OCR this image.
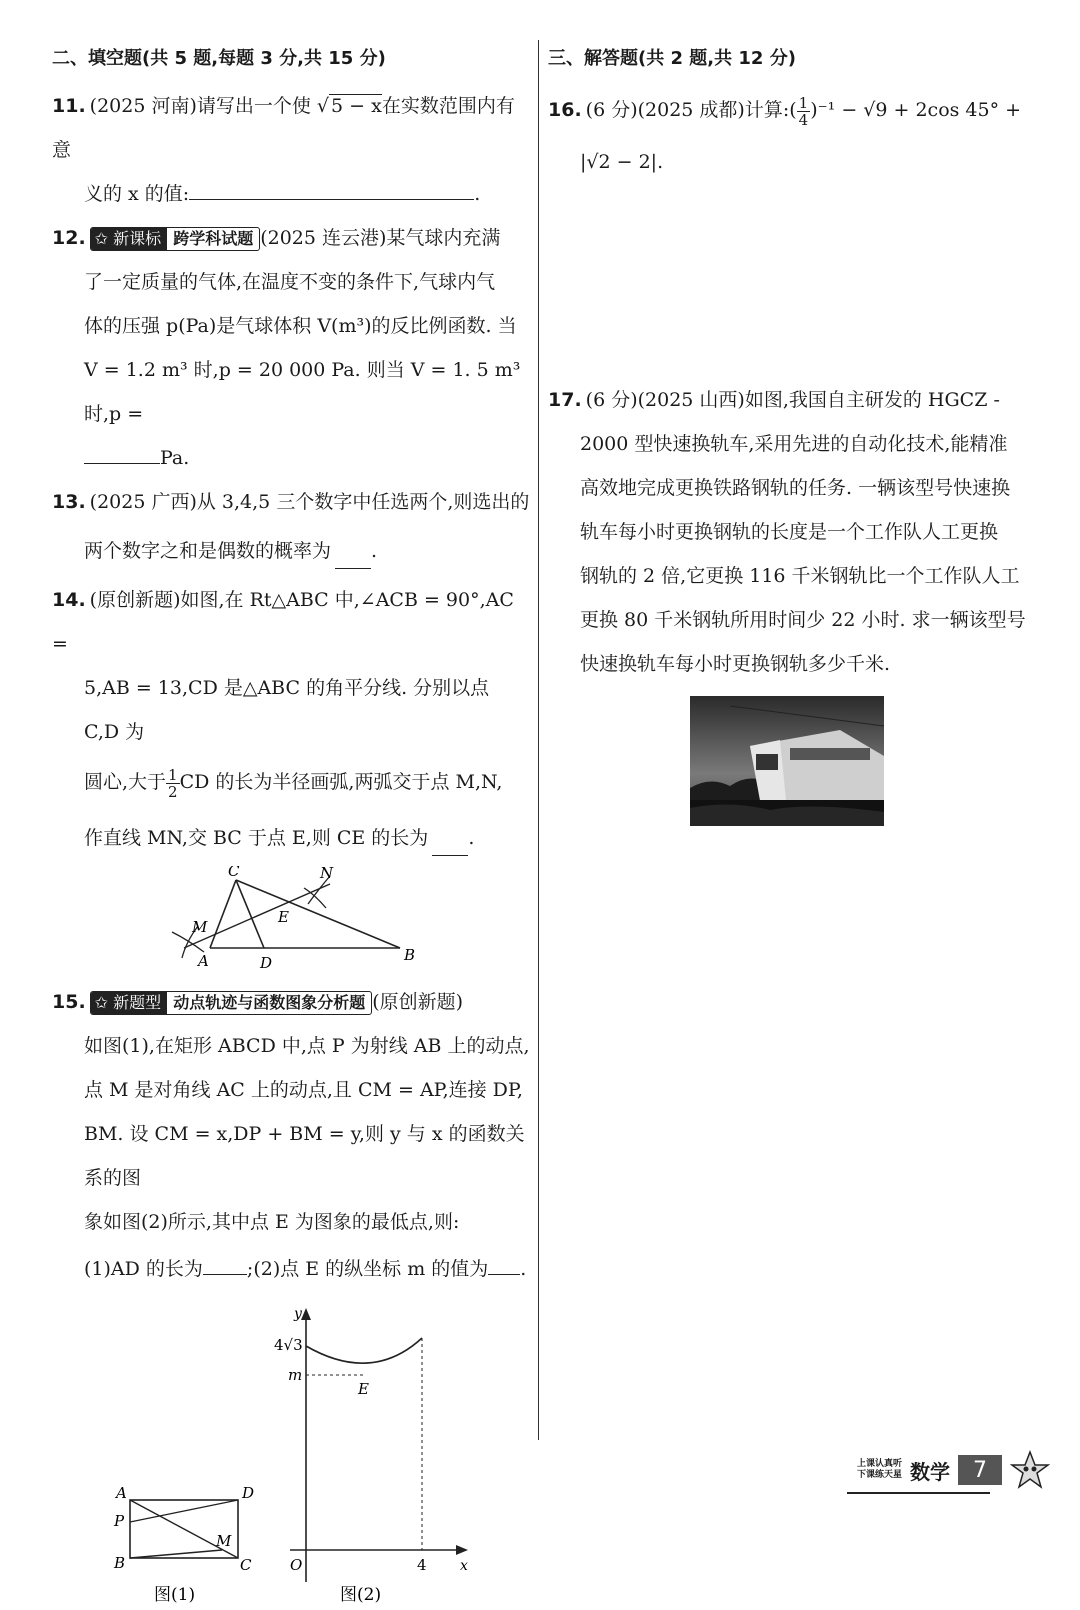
二、填空题(共 5 题,每题 3 分,共 15 分)
11. (2025 河南)请写出一个使 √ 5 − x在实数范围内有意
义的 x 的值:	.
12. ✩ 新课标 跨学科试题 (2025 连云港)某气球内充满
了一定质量的气体,在温度不变的条件下,气球内气
体的压强 p(Pa)是气球体积 V(m³)的反比例函数. 当
V = 1.2 m³ 时,p = 20 000 Pa. 则当 V = 1. 5 m³ 时,p =
Pa.
13. (2025 广西)从 3,4,5 三个数字中任选两个,则选出的
两个数字之和是偶数的概率为 .
14. (原创新题)如图,在 Rt△ABC 中,∠ACB = 90°,AC =
5,AB = 13,CD 是△ABC 的角平分线. 分别以点 C,D 为
圆心,大于 $\frac{1}{2}$ CD 的长为半径画弧,两弧交于点 M,N,
作直线 MN,交 BC 于点 E,则 CE 的长为 .
C	N
M
E
A	D	B
15. ✩ 新题型 动点轨迹与函数图象分析题 (原创新题)
如图(1),在矩形 ABCD 中,点 P 为射线 AB 上的动点,
点 M 是对角线 AC 上的动点,且 CM = AP,连接 DP,
BM. 设 CM = x,DP + BM = y,则 y 与 x 的函数关系的图
象如图(2)所示,其中点 E 为图象的最低点,则:
(1)AD 的长为 ;(2)点 E 的纵坐标 m 的值为 .
A	D
P
M
B	C
图(1)
y
4√3
m
E
O	4 x
图(2)
三、解答题(共 2 题,共 12 分)
16. (6 分)(2025 成都)计算:( $\frac{1}{4} )^{-1} - √9 + 2\cos$ 45° +
|√2 − 2|.
17. (6 分)(2025 山西)如图,我国自主研发的 HGCZ -
2000 型快速换轨车,采用先进的自动化技术,能精准
高效地完成更换铁路钢轨的任务. 一辆该型号快速换
轨车每小时更换钢轨的长度是一个工作队人工更换
钢轨的 2 倍,它更换 116 千米钢轨比一个工作队人工
更换 80 千米钢轨所用时间少 22 小时. 求一辆该型号
快速换轨车每小时更换钢轨多少千米.
上课认真听
下课练天星 数学	7
